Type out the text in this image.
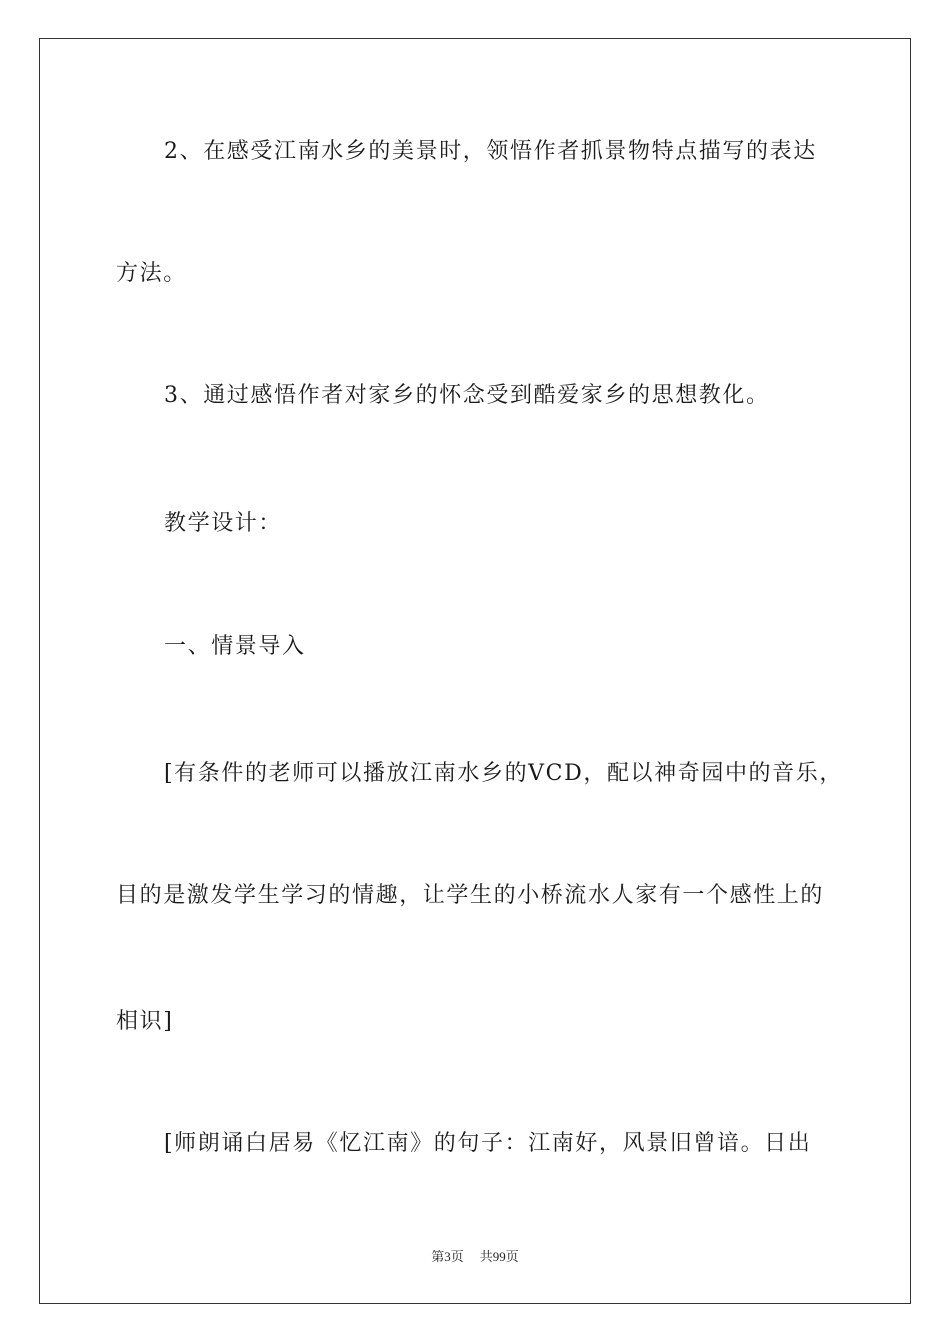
2、在感受江南水乡的美景时，领悟作者抓景物特点描写的表达
方法。
3、通过感悟作者对家乡的怀念受到酷爱家乡的思想教化。
教学设计：
一、情景导入
[有条件的老师可以播放江南水乡的VCD，配以神奇园中的音乐，
目的是激发学生学习的情趣，让学生的小桥流水人家有一个感性上的
相识]
[师朗诵白居易《忆江南》的句子：江南好，风景旧曾谙。日出
第3页 共99页
